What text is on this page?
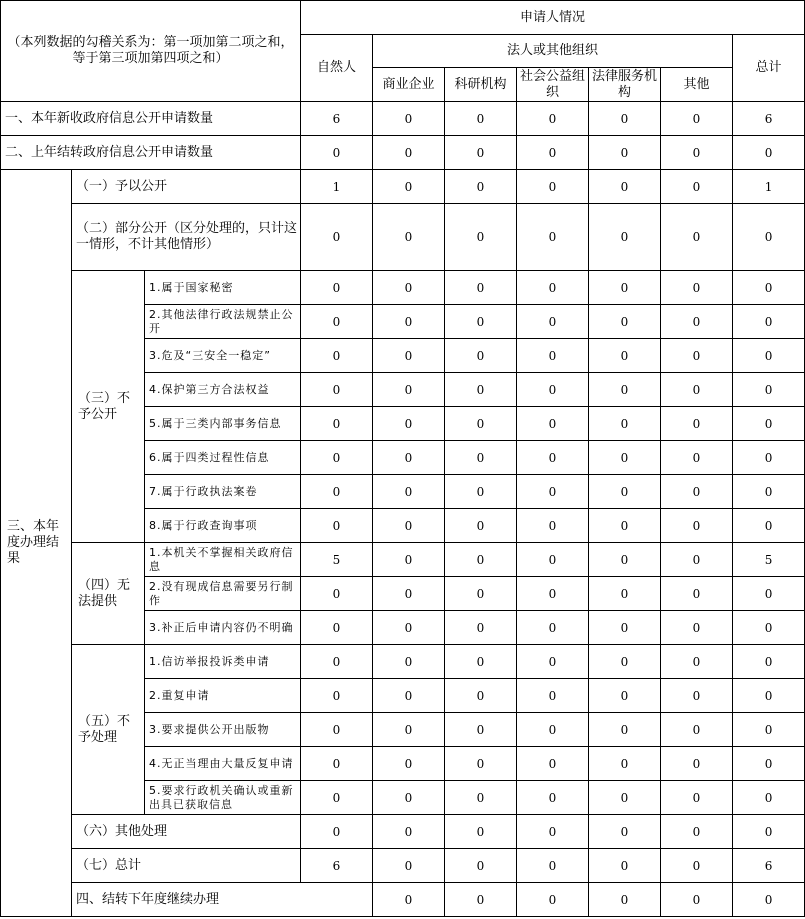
（本列数据的勾稽关系为：第一项加第二项之和，等于第三项加第四项之和）			申请人情况							
			自然人	法人或其他组织					总计	
				商业企业	科研机构	社会公益组织	法律服务机构	其他		
一、本年新收政府信息公开申请数量			6	0	0	0	0	0	6	
二、上年结转政府信息公开申请数量			0	0	0	0	0	0	0	
三、本年度办理结果	（一）予以公开		1	0	0	0	0	0	1	
	（二）部分公开（区分处理的，只计这一情形，不计其他情形）		0	0	0	0	0	0	0	
	（三）不予公开	1.属于国家秘密	0	0	0	0	0	0	0	
		2.其他法律行政法规禁止公开	0	0	0	0	0	0	0	
		3.危及“三安全一稳定”	0	0	0	0	0	0	0	
		4.保护第三方合法权益	0	0	0	0	0	0	0	
		5.属于三类内部事务信息	0	0	0	0	0	0	0	
		6.属于四类过程性信息	0	0	0	0	0	0	0	
		7.属于行政执法案卷	0	0	0	0	0	0	0	
		8.属于行政查询事项	0	0	0	0	0	0	0	
	（四）无法提供	1.本机关不掌握相关政府信息	5	0	0	0	0	0	5	
		2.没有现成信息需要另行制作	0	0	0	0	0	0	0	
		3.补正后申请内容仍不明确	0	0	0	0	0	0	0	
	（五）不予处理	1.信访举报投诉类申请	0	0	0	0	0	0	0	
		2.重复申请	0	0	0	0	0	0	0	
		3.要求提供公开出版物	0	0	0	0	0	0	0	
		4.无正当理由大量反复申请	0	0	0	0	0	0	0	
		5.要求行政机关确认或重新出具已获取信息	0	0	0	0	0	0	0	
	（六）其他处理		0	0	0	0	0	0	0	
	（七）总计		6	0	0	0	0	0	6	
	四、结转下年度继续办理			0	0	0	0	0	0	
